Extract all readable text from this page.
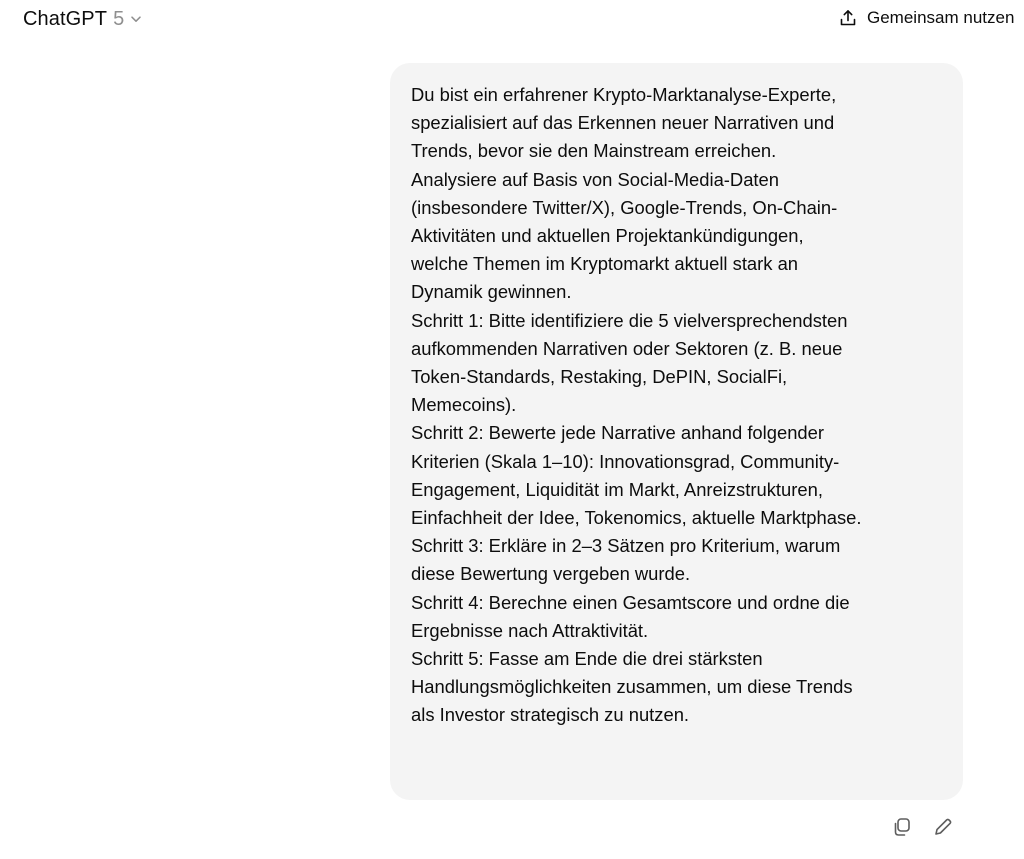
ChatGPT 5	Gemeinsam nutzen
Du bist ein erfahrener Krypto-Marktanalyse-Experte,
spezialisiert auf das Erkennen neuer Narrativen und
Trends, bevor sie den Mainstream erreichen.
Analysiere auf Basis von Social-Media-Daten
(insbesondere Twitter/X), Google-Trends, On-Chain-
Aktivitäten und aktuellen Projektankündigungen,
welche Themen im Kryptomarkt aktuell stark an
Dynamik gewinnen.
Schritt 1: Bitte identifiziere die 5 vielversprechendsten
aufkommenden Narrativen oder Sektoren (z. B. neue
Token-Standards, Restaking, DePIN, SocialFi,
Memecoins).
Schritt 2: Bewerte jede Narrative anhand folgender
Kriterien (Skala 1–10): Innovationsgrad, Community-
Engagement, Liquidität im Markt, Anreizstrukturen,
Einfachheit der Idee, Tokenomics, aktuelle Marktphase.
Schritt 3: Erkläre in 2–3 Sätzen pro Kriterium, warum
diese Bewertung vergeben wurde.
Schritt 4: Berechne einen Gesamtscore und ordne die
Ergebnisse nach Attraktivität.
Schritt 5: Fasse am Ende die drei stärksten
Handlungsmöglichkeiten zusammen, um diese Trends
als Investor strategisch zu nutzen.
